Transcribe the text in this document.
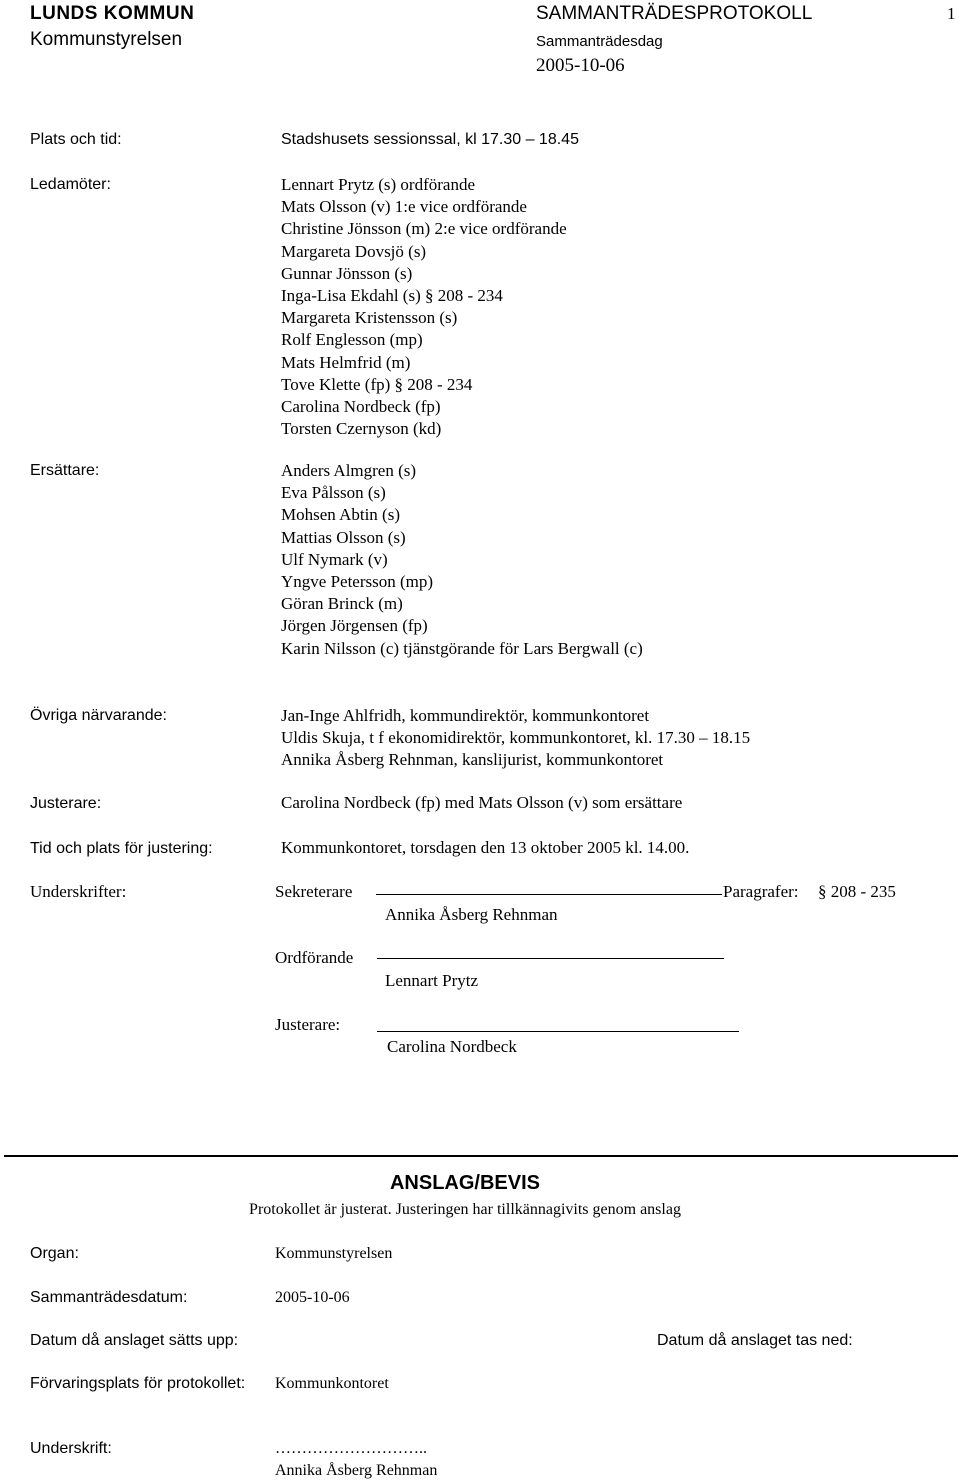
LUNDS KOMMUN
Kommunstyrelsen
SAMMANTRÄDESPROTOKOLL	1
Sammanträdesdag
2005-10-06
Plats och tid:	Stadshusets sessionssal, kl 17.30 – 18.45
Ledamöter:	Lennart Prytz (s) ordförande
Mats Olsson (v) 1:e vice ordförande
Christine Jönsson (m) 2:e vice ordförande
Margareta Dovsjö (s)
Gunnar Jönsson (s)
Inga-Lisa Ekdahl (s) § 208 - 234
Margareta Kristensson (s)
Rolf Englesson (mp)
Mats Helmfrid (m)
Tove Klette (fp) § 208 - 234
Carolina Nordbeck (fp)
Torsten Czernyson (kd)
Ersättare:	Anders Almgren (s)
Eva Pålsson (s)
Mohsen Abtin (s)
Mattias Olsson (s)
Ulf Nymark (v)
Yngve Petersson (mp)
Göran Brinck (m)
Jörgen Jörgensen (fp)
Karin Nilsson (c) tjänstgörande för Lars Bergwall (c)
Övriga närvarande:	Jan-Inge Ahlfridh, kommundirektör, kommunkontoret
Uldis Skuja, t f ekonomidirektör, kommunkontoret, kl. 17.30 – 18.15
Annika Åsberg Rehnman, kanslijurist, kommunkontoret
Justerare:	Carolina Nordbeck (fp) med Mats Olsson (v) som ersättare
Tid och plats för justering:	Kommunkontoret, torsdagen den 13 oktober 2005 kl. 14.00.
Underskrifter:	Sekreterare	Paragrafer: § 208 - 235
Annika Åsberg Rehnman
Ordförande
Lennart Prytz
Justerare:
Carolina Nordbeck
ANSLAG/BEVIS
Protokollet är justerat. Justeringen har tillkännagivits genom anslag
Organ:	Kommunstyrelsen
Sammanträdesdatum:	2005-10-06
Datum då anslaget sätts upp:	Datum då anslaget tas ned:
Förvaringsplats för protokollet: Kommunkontoret
Underskrift:	………………………..
Annika Åsberg Rehnman
